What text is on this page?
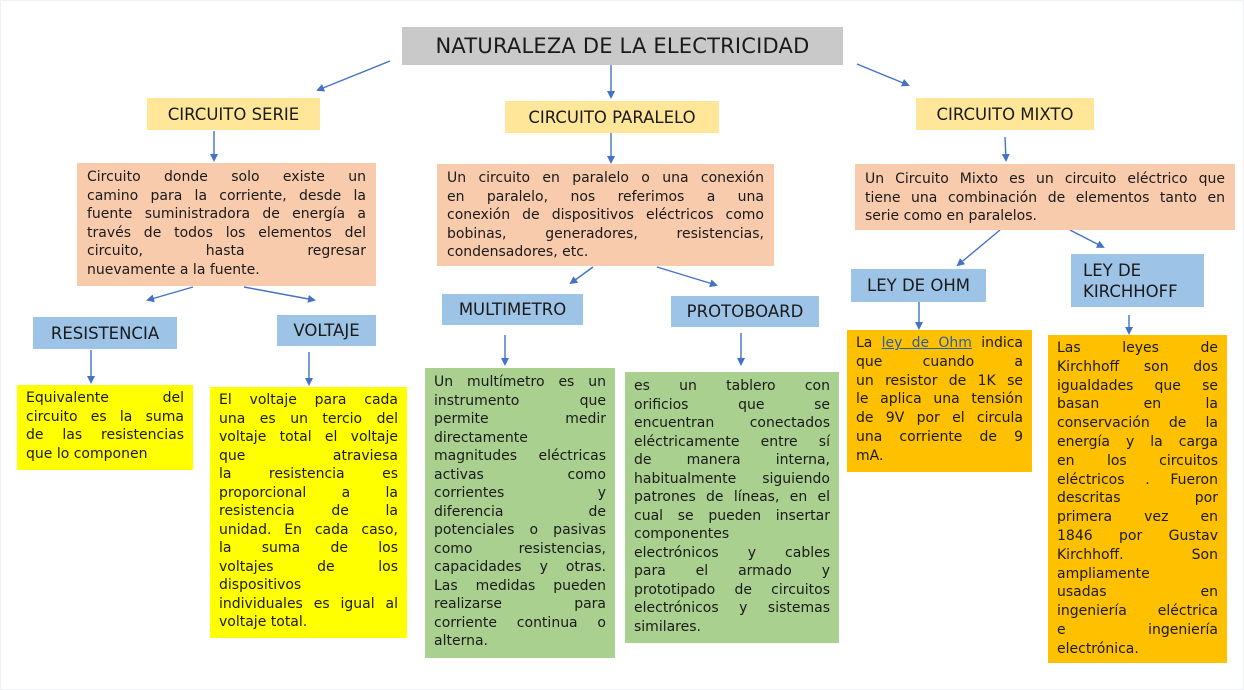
NATURALEZA DE LA ELECTRICIDAD
CIRCUITO SERIE	CIRCUITO PARALELO	CIRCUITO MIXTO
Circuito donde solo existe un
camino para la corriente, desde la
fuente suministradora de energía a
través de todos los elementos del
circuito, hasta regresar
nuevamente a la fuente.
Un circuito en paralelo o una conexión
en paralelo, nos referimos a una
conexión de dispositivos eléctricos como
bobinas, generadores, resistencias,
condensadores, etc.
Un Circuito Mixto es un circuito eléctrico que
tiene una combinación de elementos tanto en
serie como en paralelos.
RESISTENCIA	VOLTAJE
MULTIMETRO	PROTOBOARD
LEY DE OHM
LEY DE
KIRCHHOFF
Equivalente del
circuito es la suma
de las resistencias
que lo componen
El voltaje para cada
una es un tercio del
voltaje total el voltaje
que atraviesa
la resistencia es
proporcional a la
resistencia de la
unidad. En cada caso,
la suma de los
voltajes de los
dispositivos
individuales es igual al
voltaje total.
Un multímetro es un
instrumento que
permite medir
directamente
magnitudes eléctricas
activas como
corrientes y
diferencia de
potenciales o pasivas
como resistencias,
capacidades y otras.
Las medidas pueden
realizarse para
corriente continua o
alterna.
es un tablero con
orificios que se
encuentran conectados
eléctricamente entre sí
de manera interna,
habitualmente siguiendo
patrones de líneas, en el
cual se pueden insertar
componentes
electrónicos y cables
para el armado y
prototipado de circuitos
electrónicos y sistemas
similares.
La ley de Ohm indica
que cuando a
un resistor de 1K se
le aplica una tensión
de 9V por el circula
una corriente de 9
mA.
Las leyes de
Kirchhoff son dos
igualdades que se
basan en la
conservación de la
energía y la carga
en los circuitos
eléctricos . Fueron
descritas por
primera vez en
1846 por Gustav
Kirchhoff. Son
ampliamente
usadas en
ingeniería eléctrica
e ingeniería
electrónica.
